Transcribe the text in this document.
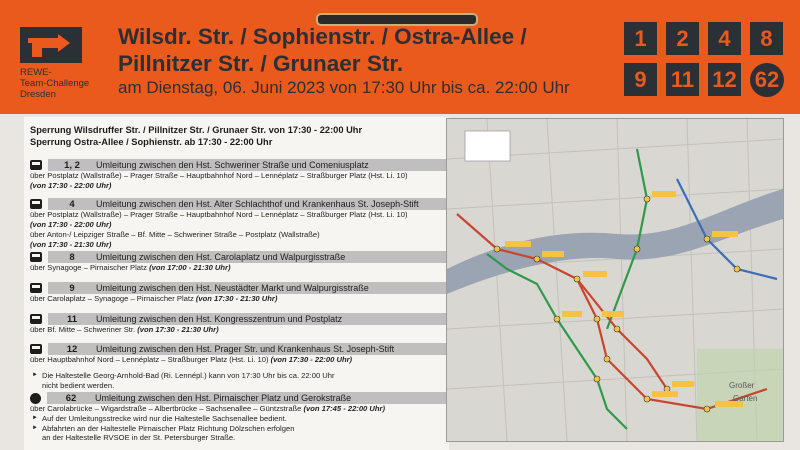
REWE-
Team-Challenge
Dresden
Wilsdr. Str. / Sophienstr. / Ostra-Allee /
Pillnitzer Str. / Grunaer Str.
am Dienstag, 06. Juni 2023 von 17:30 Uhr bis ca. 22:00 Uhr
1	2	4	8
9	11 12 62
Sperrung Wilsdruffer Str. / Pillnitzer Str. / Grunaer Str. von 17:30 - 22:00 Uhr
Sperrung Ostra-Allee / Sophienstr. ab 17:30 - 22:00 Uhr
1, 2	Umleitung zwischen den Hst. Schweriner Straße und Comeniusplatz
über Postplatz (Wallstraße) – Prager Straße – Hauptbahnhof Nord – Lennéplatz – Straßburger Platz (Hst. Li. 10)
(von 17:30 - 22:00 Uhr)
4	Umleitung zwischen den Hst. Alter Schlachthof und Krankenhaus St. Joseph-Stift
über Postplatz (Wallstraße) – Prager Straße – Hauptbahnhof Nord – Lennéplatz – Straßburger Platz (Hst. Li. 10)
(von 17:30 - 22:00 Uhr)
über Anton-/ Leipziger Straße – Bf. Mitte – Schweriner Straße – Postplatz (Wallstraße)
(von 17:30 - 21:30 Uhr)
8	Umleitung zwischen den Hst. Carolaplatz und Walpurgisstraße
über Synagoge – Pirnaischer Platz (von 17:00 - 21:30 Uhr)
9	Umleitung zwischen den Hst. Neustädter Markt und Walpurgisstraße
über Carolaplatz – Synagoge – Pirnaischer Platz (von 17:30 - 21:30 Uhr)
11	Umleitung zwischen den Hst. Kongresszentrum und Postplatz
über Bf. Mitte – Schweriner Str. (von 17:30 - 21:30 Uhr)
12	Umleitung zwischen den Hst. Prager Str. und Krankenhaus St. Joseph-Stift
über Hauptbahnhof Nord – Lennéplatz – Straßburger Platz (Hst. Li. 10) (von 17:30 - 22:00 Uhr)
► Die Haltestelle Georg-Arnhold-Bad (Ri. Lennépl.) kann von 17:30 Uhr bis ca. 22:00 Uhr
nicht bedient werden.
62	Umleitung zwischen den Hst. Pirnaischer Platz und Gerokstraße
über Carolabrücke – Wigardstraße – Albertbrücke – Sachsenallee – Güntzstraße (von 17:45 - 22:00 Uhr)
► Auf der Umleitungsstrecke wird nur die Haltestelle Sachsenallee bedient.
► Abfahrten an der Haltestelle Pirnaischer Platz Richtung Dölzschen erfolgen
an der Haltestelle RVSOE in der St. Petersburger Straße.
Großer
Garten
